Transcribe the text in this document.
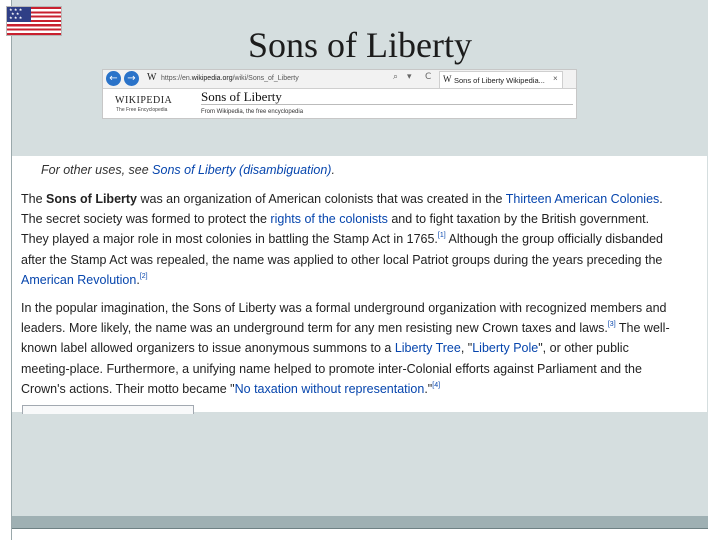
★ ★ ★
★ ★
★ ★ ★
Sons of Liberty
← →	W https://en.wikipedia.org/wiki/Sons_of_Liberty	⌕ ▾ C W Sons of Liberty Wikipedia... ×
WIKIPEDIA
The Free Encyclopedia
Sons of Liberty
From Wikipedia, the free encyclopedia
For other uses, see Sons of Liberty (disambiguation).
The Sons of Liberty was an organization of American colonists that was created in the Thirteen American Colonies.
The secret society was formed to protect the rights of the colonists and to fight taxation by the British government.
They played a major role in most colonies in battling the Stamp Act in 1765.[1] Although the group officially disbanded
after the Stamp Act was repealed, the name was applied to other local Patriot groups during the years preceding the
American Revolution.[2]
In the popular imagination, the Sons of Liberty was a formal underground organization with recognized members and
leaders. More likely, the name was an underground term for any men resisting new Crown taxes and laws.[3] The well-
known label allowed organizers to issue anonymous summons to a Liberty Tree, "Liberty Pole", or other public
meeting-place. Furthermore, a unifying name helped to promote inter-Colonial efforts against Parliament and the
Crown's actions. Their motto became "No taxation without representation."[4]
